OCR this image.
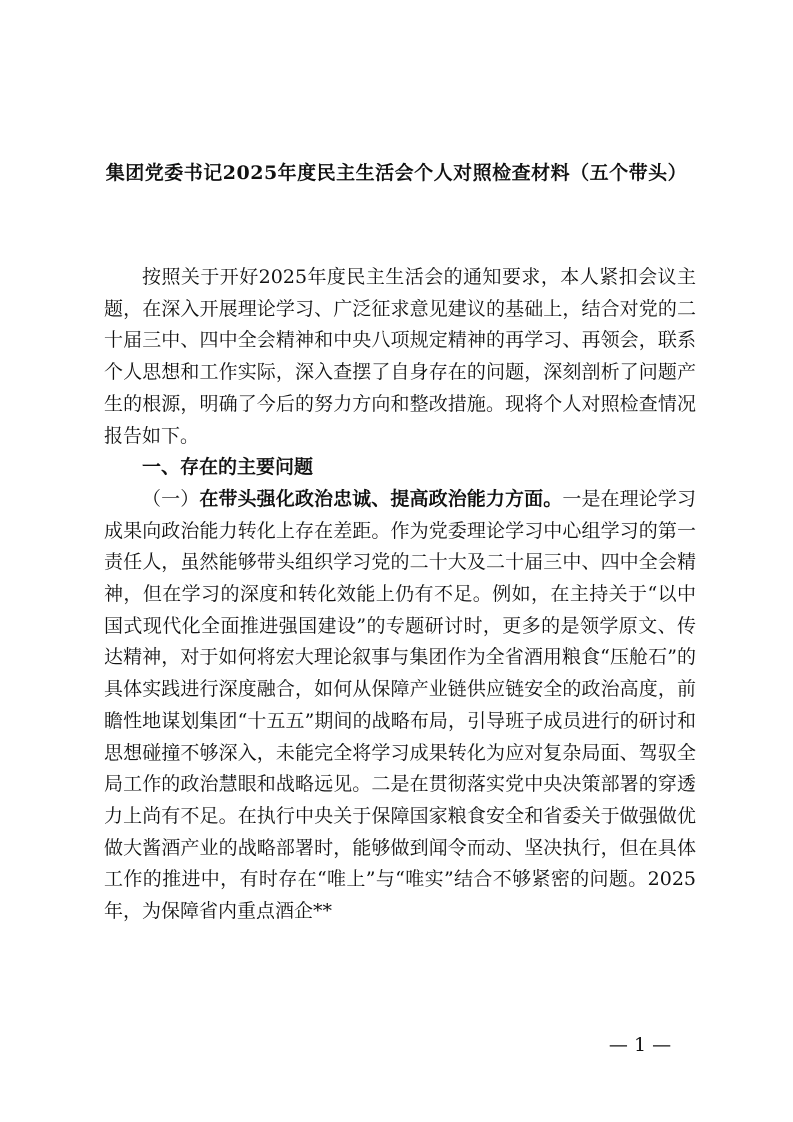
集团党委书记2025年度民主生活会个人对照检查材料（五个带头）

按照关于开好2025年度民主生活会的通知要求，本人紧扣会议主题，在深入开展理论学习、广泛征求意见建议的基础上，结合对党的二十届三中、四中全会精神和中央八项规定精神的再学习、再领会，联系个人思想和工作实际，深入查摆了自身存在的问题，深刻剖析了问题产生的根源，明确了今后的努力方向和整改措施。现将个人对照检查情况报告如下。

一、存在的主要问题

（一）在带头强化政治忠诚、提高政治能力方面。一是在理论学习成果向政治能力转化上存在差距。作为党委理论学习中心组学习的第一责任人，虽然能够带头组织学习党的二十大及二十届三中、四中全会精神，但在学习的深度和转化效能上仍有不足。例如，在主持关于“以中国式现代化全面推进强国建设”的专题研讨时，更多的是领学原文、传达精神，对于如何将宏大理论叙事与集团作为全省酒用粮食“压舱石”的具体实践进行深度融合，如何从保障产业链供应链安全的政治高度，前瞻性地谋划集团“十五五”期间的战略布局，引导班子成员进行的研讨和思想碰撞不够深入，未能完全将学习成果转化为应对复杂局面、驾驭全局工作的政治慧眼和战略远见。二是在贯彻落实党中央决策部署的穿透力上尚有不足。在执行中央关于保障国家粮食安全和省委关于做强做优做大酱酒产业的战略部署时，能够做到闻令而动、坚决执行，但在具体工作的推进中，有时存在“唯上”与“唯实”结合不够紧密的问题。2025年，为保障省内重点酒企**

— 1 —
